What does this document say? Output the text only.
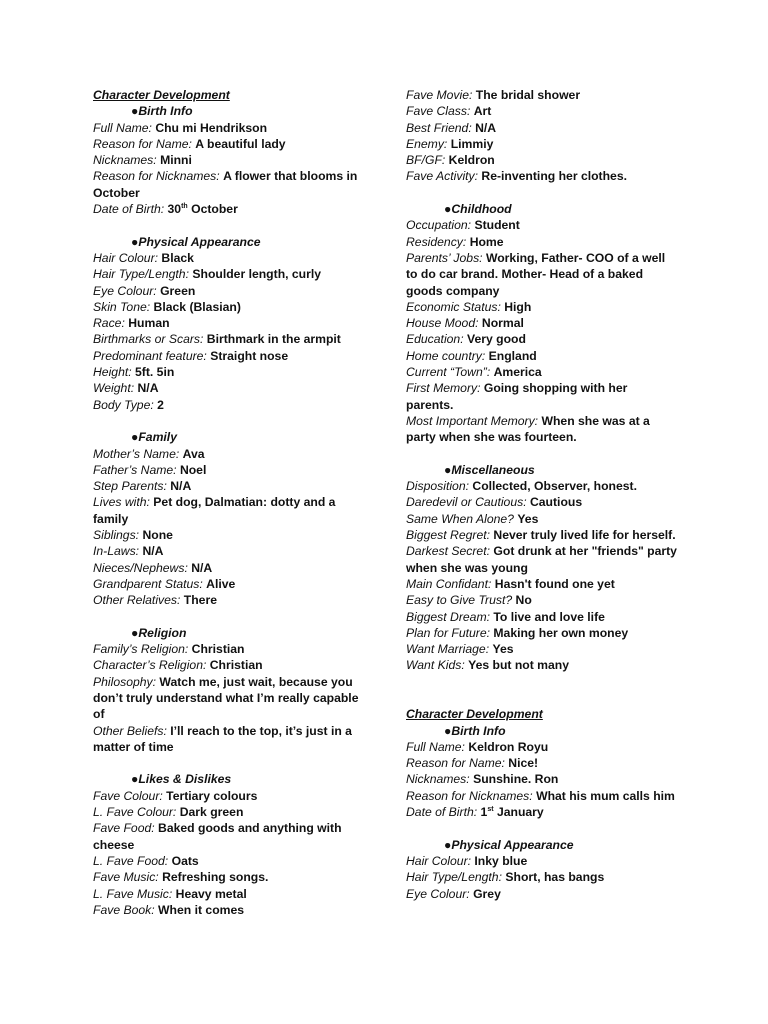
Character Development
●Birth Info
Full Name: Chu mi Hendrikson
Reason for Name: A beautiful lady
Nicknames: Minni
Reason for Nicknames: A flower that blooms in October
Date of Birth: 30th October
●Physical Appearance
Hair Colour: Black
Hair Type/Length: Shoulder length, curly
Eye Colour: Green
Skin Tone: Black (Blasian)
Race: Human
Birthmarks or Scars: Birthmark in the armpit
Predominant feature: Straight nose
Height: 5ft. 5in
Weight: N/A
Body Type: 2
●Family
Mother’s Name: Ava
Father’s Name: Noel
Step Parents: N/A
Lives with: Pet dog, Dalmatian: dotty and a family
Siblings: None
In-Laws: N/A
Nieces/Nephews: N/A
Grandparent Status: Alive
Other Relatives: There
●Religion
Family’s Religion: Christian
Character’s Religion: Christian
Philosophy: Watch me, just wait, because you don’t truly understand what I’m really capable of
Other Beliefs: I’ll reach to the top, it’s just in a matter of time
●Likes & Dislikes
Fave Colour: Tertiary colours
L. Fave Colour: Dark green
Fave Food: Baked goods and anything with cheese
L. Fave Food: Oats
Fave Music: Refreshing songs.
L. Fave Music: Heavy metal
Fave Book: When it comes
Fave Movie: The bridal shower
Fave Class: Art
Best Friend: N/A
Enemy: Limmiy
BF/GF: Keldron
Fave Activity: Re-inventing her clothes.
●Childhood
Occupation: Student
Residency: Home
Parents’ Jobs: Working, Father- COO of a well to do car brand. Mother- Head of a baked goods company
Economic Status: High
House Mood: Normal
Education: Very good
Home country: England
Current “Town”: America
First Memory: Going shopping with her parents.
Most Important Memory: When she was at a party when she was fourteen.
●Miscellaneous
Disposition: Collected, Observer, honest.
Daredevil or Cautious: Cautious
Same When Alone? Yes
Biggest Regret: Never truly lived life for herself.
Darkest Secret: Got drunk at her "friends" party when she was young
Main Confidant: Hasn't found one yet
Easy to Give Trust? No
Biggest Dream: To live and love life
Plan for Future: Making her own money
Want Marriage: Yes
Want Kids: Yes but not many
Character Development
●Birth Info
Full Name: Keldron Royu
Reason for Name: Nice!
Nicknames: Sunshine. Ron
Reason for Nicknames: What his mum calls him
Date of Birth: 1st January
●Physical Appearance
Hair Colour: Inky blue
Hair Type/Length: Short, has bangs
Eye Colour: Grey
